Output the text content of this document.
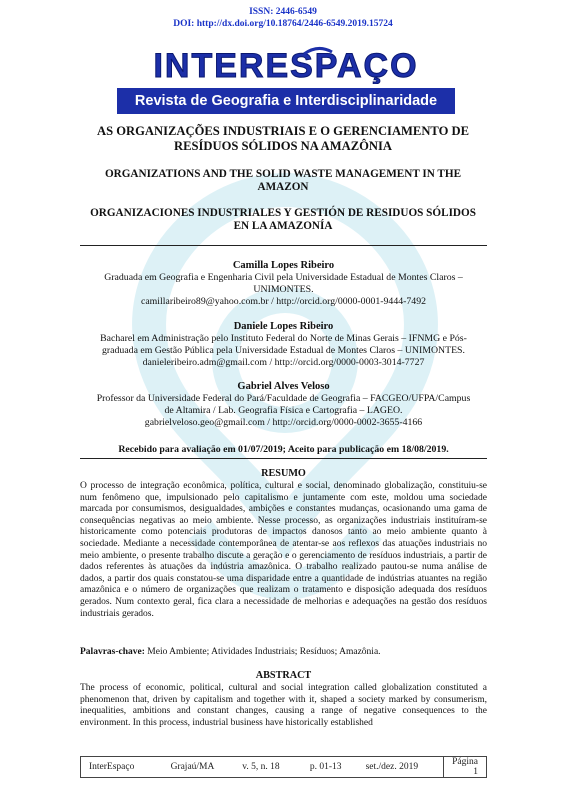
ISSN: 2446-6549
DOI: http://dx.doi.org/10.18764/2446-6549.2019.15724
INTERESPAÇO
Revista de Geografia e Interdisciplinaridade
AS ORGANIZAÇÕES INDUSTRIAIS E O GERENCIAMENTO DE
RESÍDUOS SÓLIDOS NA AMAZÔNIA
ORGANIZATIONS AND THE SOLID WASTE MANAGEMENT IN THE
AMAZON
ORGANIZACIONES INDUSTRIALES Y GESTIÓN DE RESIDUOS SÓLIDOS
EN LA AMAZONÍA
Camilla Lopes Ribeiro
Graduada em Geografia e Engenharia Civil pela Universidade Estadual de Montes Claros –
UNIMONTES.
camillaribeiro89@yahoo.com.br / http://orcid.org/0000-0001-9444-7492
Daniele Lopes Ribeiro
Bacharel em Administração pelo Instituto Federal do Norte de Minas Gerais – IFNMG e Pós-
graduada em Gestão Pública pela Universidade Estadual de Montes Claros – UNIMONTES.
danieleribeiro.adm@gmail.com / http://orcid.org/0000-0003-3014-7727
Gabriel Alves Veloso
Professor da Universidade Federal do Pará/Faculdade de Geografia – FACGEO/UFPA/Campus
de Altamira / Lab. Geografia Física e Cartografia – LAGEO.
gabrielveloso.geo@gmail.com / http://orcid.org/0000-0002-3655-4166
Recebido para avaliação em 01/07/2019; Aceito para publicação em 18/08/2019.
RESUMO
O processo de integração econômica, política, cultural e social, denominado globalização, constituiu-se num fenômeno que, impulsionado pelo capitalismo e juntamente com este, moldou uma sociedade marcada por consumismos, desigualdades, ambições e constantes mudanças, ocasionando uma gama de consequências negativas ao meio ambiente. Nesse processo, as organizações industriais instituíram-se historicamente como potenciais produtoras de impactos danosos tanto ao meio ambiente quanto à sociedade. Mediante a necessidade contemporânea de atentar-se aos reflexos das atuações industriais no meio ambiente, o presente trabalho discute a geração e o gerenciamento de resíduos industriais, a partir de dados referentes às atuações da indústria amazônica. O trabalho realizado pautou-se numa análise de dados, a partir dos quais constatou-se uma disparidade entre a quantidade de indústrias atuantes na região amazônica e o número de organizações que realizam o tratamento e disposição adequada dos resíduos gerados. Num contexto geral, fica clara a necessidade de melhorias e adequações na gestão dos resíduos industriais gerados.
Palavras-chave: Meio Ambiente; Atividades Industriais; Resíduos; Amazônia.
ABSTRACT
The process of economic, political, cultural and social integration called globalization constituted a phenomenon that, driven by capitalism and together with it, shaped a society marked by consumerism, inequalities, ambitions and constant changes, causing a range of negative consequences to the environment. In this process, industrial business have historically established
InterEspaço	Grajaú/MA	v. 5, n. 18	p. 01-13	set./dez. 2019	Página 1
